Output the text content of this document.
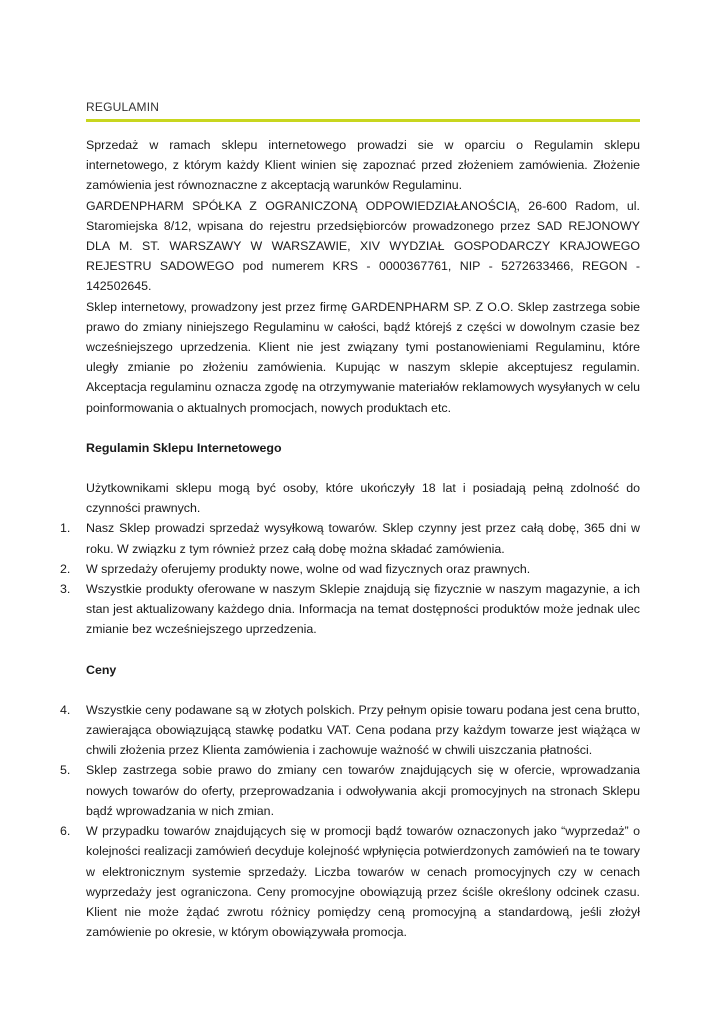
REGULAMIN

Sprzedaż w ramach sklepu internetowego prowadzi sie w oparciu o Regulamin sklepu internetowego, z którym każdy Klient winien się zapoznać przed złożeniem zamówienia. Złożenie zamówienia jest równoznaczne z akceptacją warunków Regulaminu.

GARDENPHARM SPÓŁKA Z OGRANICZONĄ ODPOWIEDZIAŁANOŚCIĄ, 26-600 Radom, ul. Staromiejska 8/12, wpisana do rejestru przedsiębiorców prowadzonego przez SAD REJONOWY DLA M. ST. WARSZAWY W WARSZAWIE, XIV WYDZIAŁ GOSPODARCZY KRAJOWEGO REJESTRU SADOWEGO pod numerem KRS - 0000367761, NIP - 5272633466, REGON - 142502645.

Sklep internetowy, prowadzony jest przez firmę GARDENPHARM SP. Z O.O. Sklep zastrzega sobie prawo do zmiany niniejszego Regulaminu w całości, bądź którejś z części w dowolnym czasie bez wcześniejszego uprzedzenia. Klient nie jest związany tymi postanowieniami Regulaminu, które uległy zmianie po złożeniu zamówienia. Kupując w naszym sklepie akceptujesz regulamin. Akceptacja regulaminu oznacza zgodę na otrzymywanie materiałów reklamowych wysyłanych w celu poinformowania o aktualnych promocjach, nowych produktach etc.

Regulamin Sklepu Internetowego

Użytkownikami sklepu mogą być osoby, które ukończyły 18 lat i posiadają pełną zdolność do czynności prawnych.

1. Nasz Sklep prowadzi sprzedaż wysyłkową towarów. Sklep czynny jest przez całą dobę, 365 dni w roku. W związku z tym również przez całą dobę można składać zamówienia.
2. W sprzedaży oferujemy produkty nowe, wolne od wad fizycznych oraz prawnych.
3. Wszystkie produkty oferowane w naszym Sklepie znajdują się fizycznie w naszym magazynie, a ich stan jest aktualizowany każdego dnia. Informacja na temat dostępności produktów może jednak ulec zmianie bez wcześniejszego uprzedzenia.

Ceny

4. Wszystkie ceny podawane są w złotych polskich. Przy pełnym opisie towaru podana jest cena brutto, zawierająca obowiązującą stawkę podatku VAT. Cena podana przy każdym towarze jest wiążąca w chwili złożenia przez Klienta zamówienia i zachowuje ważność w chwili uiszczania płatności.
5. Sklep zastrzega sobie prawo do zmiany cen towarów znajdujących się w ofercie, wprowadzania nowych towarów do oferty, przeprowadzania i odwoływania akcji promocyjnych na stronach Sklepu bądź wprowadzania w nich zmian.
6. W przypadku towarów znajdujących się w promocji bądź towarów oznaczonych jako “wyprzedaż” o kolejności realizacji zamówień decyduje kolejność wpłynięcia potwierdzonych zamówień na te towary w elektronicznym systemie sprzedaży. Liczba towarów w cenach promocyjnych czy w cenach wyprzedaży jest ograniczona. Ceny promocyjne obowiązują przez ściśle określony odcinek czasu. Klient nie może żądać zwrotu różnicy pomiędzy ceną promocyjną a standardową, jeśli złożył zamówienie po okresie, w którym obowiązywała promocja.
